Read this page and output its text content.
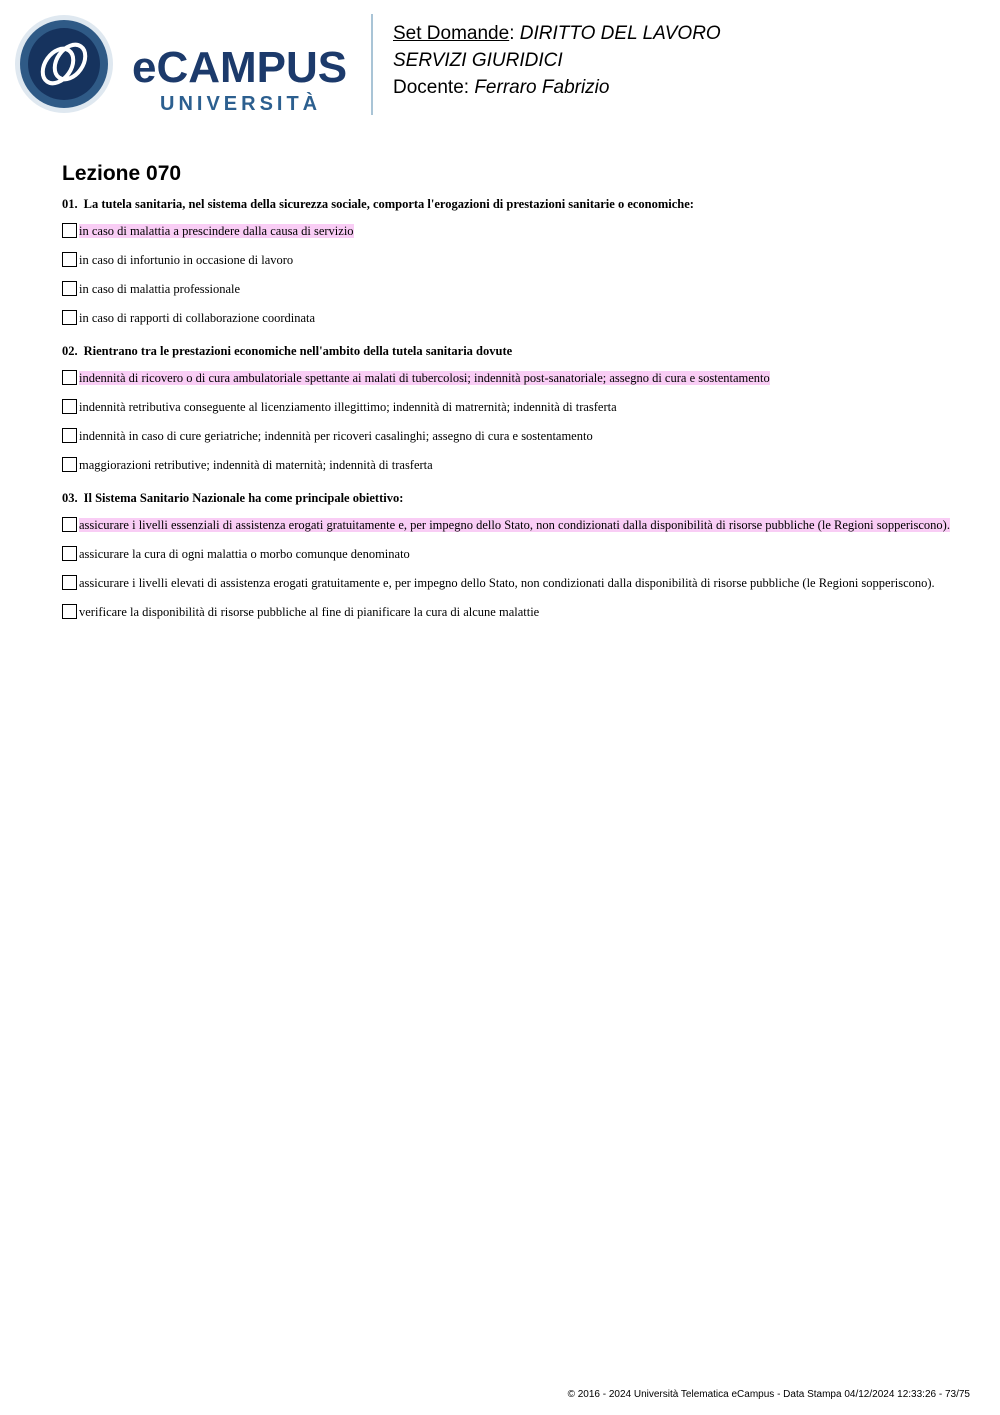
eCAMPUS
UNIVERSITÀ
Set Domande: DIRITTO DEL LAVORO
SERVIZI GIURIDICI
Docente: Ferraro Fabrizio
Lezione 070
01. La tutela sanitaria, nel sistema della sicurezza sociale, comporta l'erogazioni di prestazioni sanitarie o economiche:
in caso di malattia a prescindere dalla causa di servizio
in caso di infortunio in occasione di lavoro
in caso di malattia professionale
in caso di rapporti di collaborazione coordinata
02. Rientrano tra le prestazioni economiche nell'ambito della tutela sanitaria dovute
indennità di ricovero o di cura ambulatoriale spettante ai malati di tubercolosi; indennità post-sanatoriale; assegno di cura e sostentamento
indennità retributiva conseguente al licenziamento illegittimo; indennità di matrernità; indennità di trasferta
indennità in caso di cure geriatriche; indennità per ricoveri casalinghi; assegno di cura e sostentamento
maggiorazioni retributive; indennità di maternità; indennità di trasferta
03. Il Sistema Sanitario Nazionale ha come principale obiettivo:
assicurare i livelli essenziali di assistenza erogati gratuitamente e, per impegno dello Stato, non condizionati dalla disponibilità di risorse pubbliche (le Regioni sopperiscono).
assicurare la cura di ogni malattia o morbo comunque denominato
assicurare i livelli elevati di assistenza erogati gratuitamente e, per impegno dello Stato, non condizionati dalla disponibilità di risorse pubbliche (le Regioni sopperiscono).
verificare la disponibilità di risorse pubbliche al fine di pianificare la cura di alcune malattie
© 2016 - 2024 Università Telematica eCampus - Data Stampa 04/12/2024 12:33:26 - 73/75
